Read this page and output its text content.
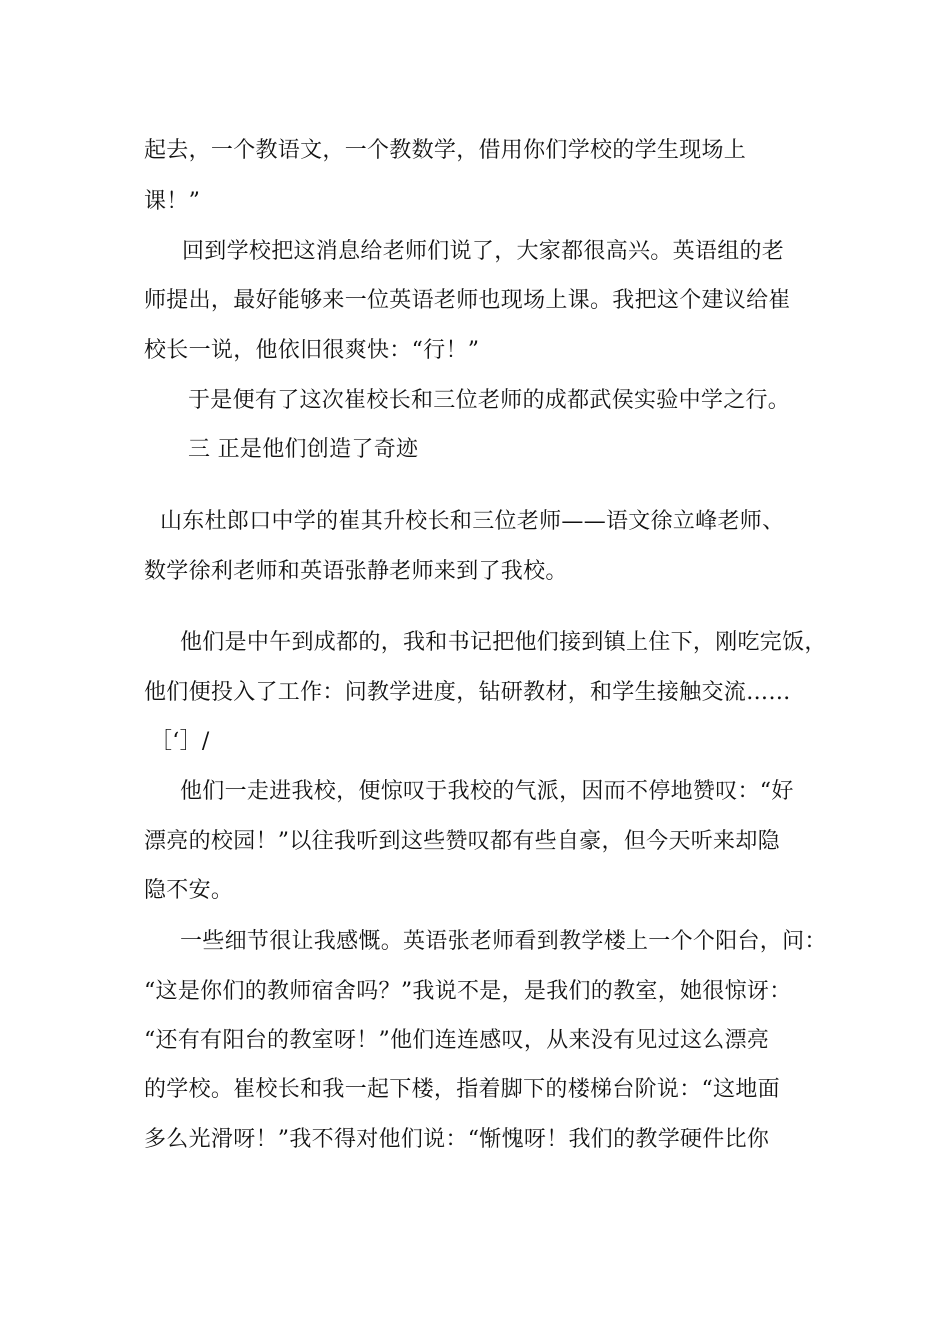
起去，一个教语文，一个教数学，借用你们学校的学生现场上
课！”
回到学校把这消息给老师们说了，大家都很高兴。英语组的老
师提出，最好能够来一位英语老师也现场上课。我把这个建议给崔
校长一说，他依旧很爽快：“行！”
于是便有了这次崔校长和三位老师的成都武侯实验中学之行。
三 正是他们创造了奇迹
山东杜郎口中学的崔其升校长和三位老师——语文徐立峰老师、
数学徐利老师和英语张静老师来到了我校。
他们是中午到成都的，我和书记把他们接到镇上住下，刚吃完饭，
他们便投入了工作：问教学进度，钻研教材，和学生接触交流……
［‘］/
他们一走进我校，便惊叹于我校的气派，因而不停地赞叹：“好
漂亮的校园！”以往我听到这些赞叹都有些自豪，但今天听来却隐
隐不安。
一些细节很让我感慨。英语张老师看到教学楼上一个个阳台，问：
“这是你们的教师宿舍吗？”我说不是，是我们的教室，她很惊讶：
“还有有阳台的教室呀！”他们连连感叹，从来没有见过这么漂亮
的学校。崔校长和我一起下楼，指着脚下的楼梯台阶说：“这地面
多么光滑呀！”我不得对他们说：“惭愧呀！我们的教学硬件比你
